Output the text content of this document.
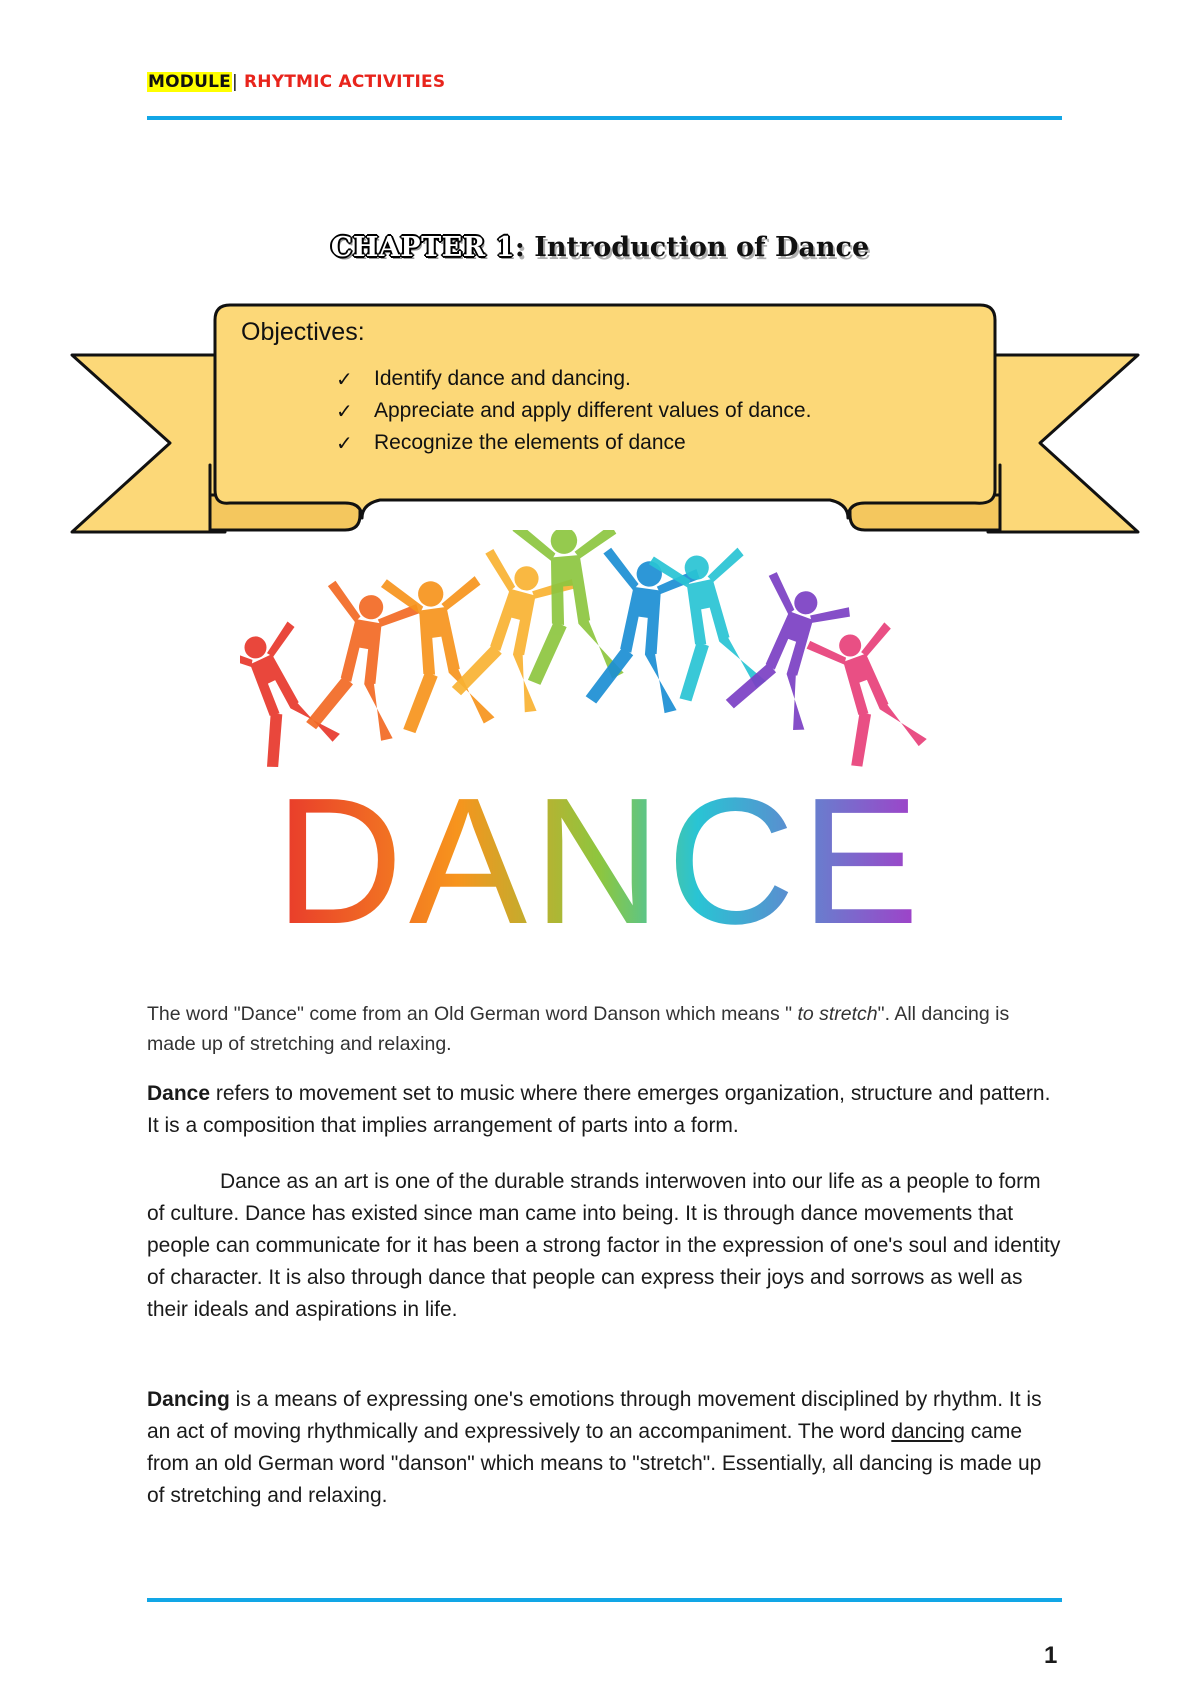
MODULE| RHYTMIC ACTIVITIES
CHAPTER 1: Introduction of Dance
Objectives:
✓ Identify dance and dancing.
✓ Appreciate and apply different values of dance.
✓ Recognize the elements of dance
DANCE

The word "Dance" come from an Old German word Danson which means " to stretch". All dancing is made up of stretching and relaxing.

Dance refers to movement set to music where there emerges organization, structure and pattern. It is a composition that implies arrangement of parts into a form.

Dance as an art is one of the durable strands interwoven into our life as a people to form of culture. Dance has existed since man came into being. It is through dance movements that people can communicate for it has been a strong factor in the expression of one's soul and identity of character. It is also through dance that people can express their joys and sorrows as well as their ideals and aspirations in life.

Dancing is a means of expressing one's emotions through movement disciplined by rhythm. It is an act of moving rhythmically and expressively to an accompaniment. The word dancing came from an old German word "danson" which means to "stretch". Essentially, all dancing is made up of stretching and relaxing.

1
